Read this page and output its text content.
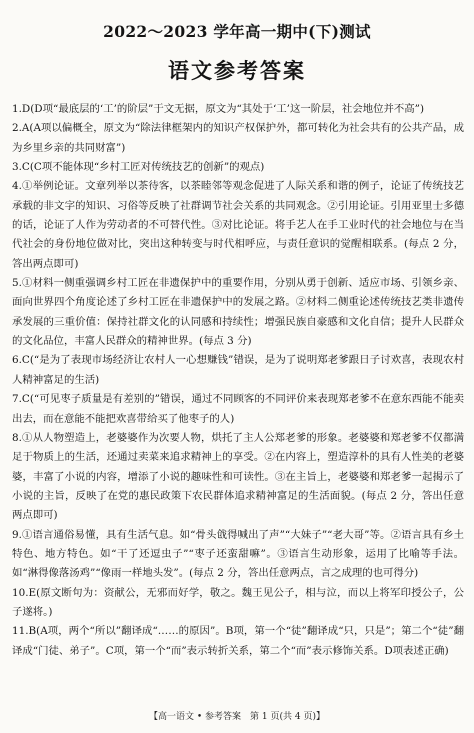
2022～2023 学年高一期中(下)测试
语文参考答案

1.D(D项“最底层的‘工’的阶层”于文无据，原文为“其处于‘工’这一阶层，社会地位并不高”)

2.A(A项以偏概全，原文为“除法律框架内的知识产权保护外，都可转化为社会共有的公共产品，成为乡里乡亲的共同财富”)

3.C(C项不能体现“乡村工匠对传统技艺的创新”的观点)

4.①举例论证。文章列举以茶待客，以茶睦邻等观念促进了人际关系和谐的例子，论证了传统技艺承载的非文字的知识、习俗等反映了社群调节社会关系的共同观念。②引用论证。引用亚里士多德的话，论证了人作为劳动者的不可替代性。③对比论证。将手艺人在手工业时代的社会地位与在当代社会的身份地位做对比，突出这种转变与时代相呼应，与责任意识的觉醒相联系。(每点 2 分，答出两点即可)

5.①材料一侧重强调乡村工匠在非遗保护中的重要作用，分别从勇于创新、适应市场、引领乡亲、面向世界四个角度论述了乡村工匠在非遗保护中的发展之路。②材料二侧重论述传统技艺类非遗传承发展的三重价值：保持社群文化的认同感和持续性；增强民族自豪感和文化自信；提升人民群众的文化品位，丰富人民群众的精神世界。(每点 3 分)

6.C(“是为了表现市场经济让农村人一心想赚钱”错误，是为了说明郑老爹跟日子讨欢喜，表现农村人精神富足的生活)

7.C(“可见枣子质量是有差别的”错误，通过不同顾客的不同评价来表现郑老爹不在意东西能不能卖出去，而在意能不能把欢喜带给买了他枣子的人)

8.①从人物塑造上，老婆婆作为次要人物，烘托了主人公郑老爹的形象。老婆婆和郑老爹不仅都满足于物质上的生活，还通过卖菜来追求精神上的享受。②在内容上，塑造淳朴的具有人性美的老婆婆，丰富了小说的内容，增添了小说的趣味性和可读性。③在主旨上，老婆婆和郑老爹一起揭示了小说的主旨，反映了在党的惠民政策下农民群体追求精神富足的生活面貌。(每点 2 分，答出任意两点即可)

9.①语言通俗易懂，具有生活气息。如“骨头戗得喊出了声”“大妹子”“老大哥”等。②语言具有乡土特色、地方特色。如“干了还逗虫子”“枣子还蛮甜嘛”。③语言生动形象，运用了比喻等手法。如“淋得像落汤鸡”“像雨一样地头发”。(每点 2 分，答出任意两点，言之成理的也可得分)

10.E(原文断句为：资献公，无邪而好学，敬之。魏王见公子，相与泣，而以上将军印授公子，公子遂将。)

11.B(A项，两个“所以”翻译成“……的原因”。B项，第一个“徒”翻译成“只，只是”；第二个“徒”翻译成“门徒、弟子”。C项，第一个“而”表示转折关系，第二个“而”表示修饰关系。D项表述正确)

【高一语文 • 参考答案　第 1 页(共 4 页)】
